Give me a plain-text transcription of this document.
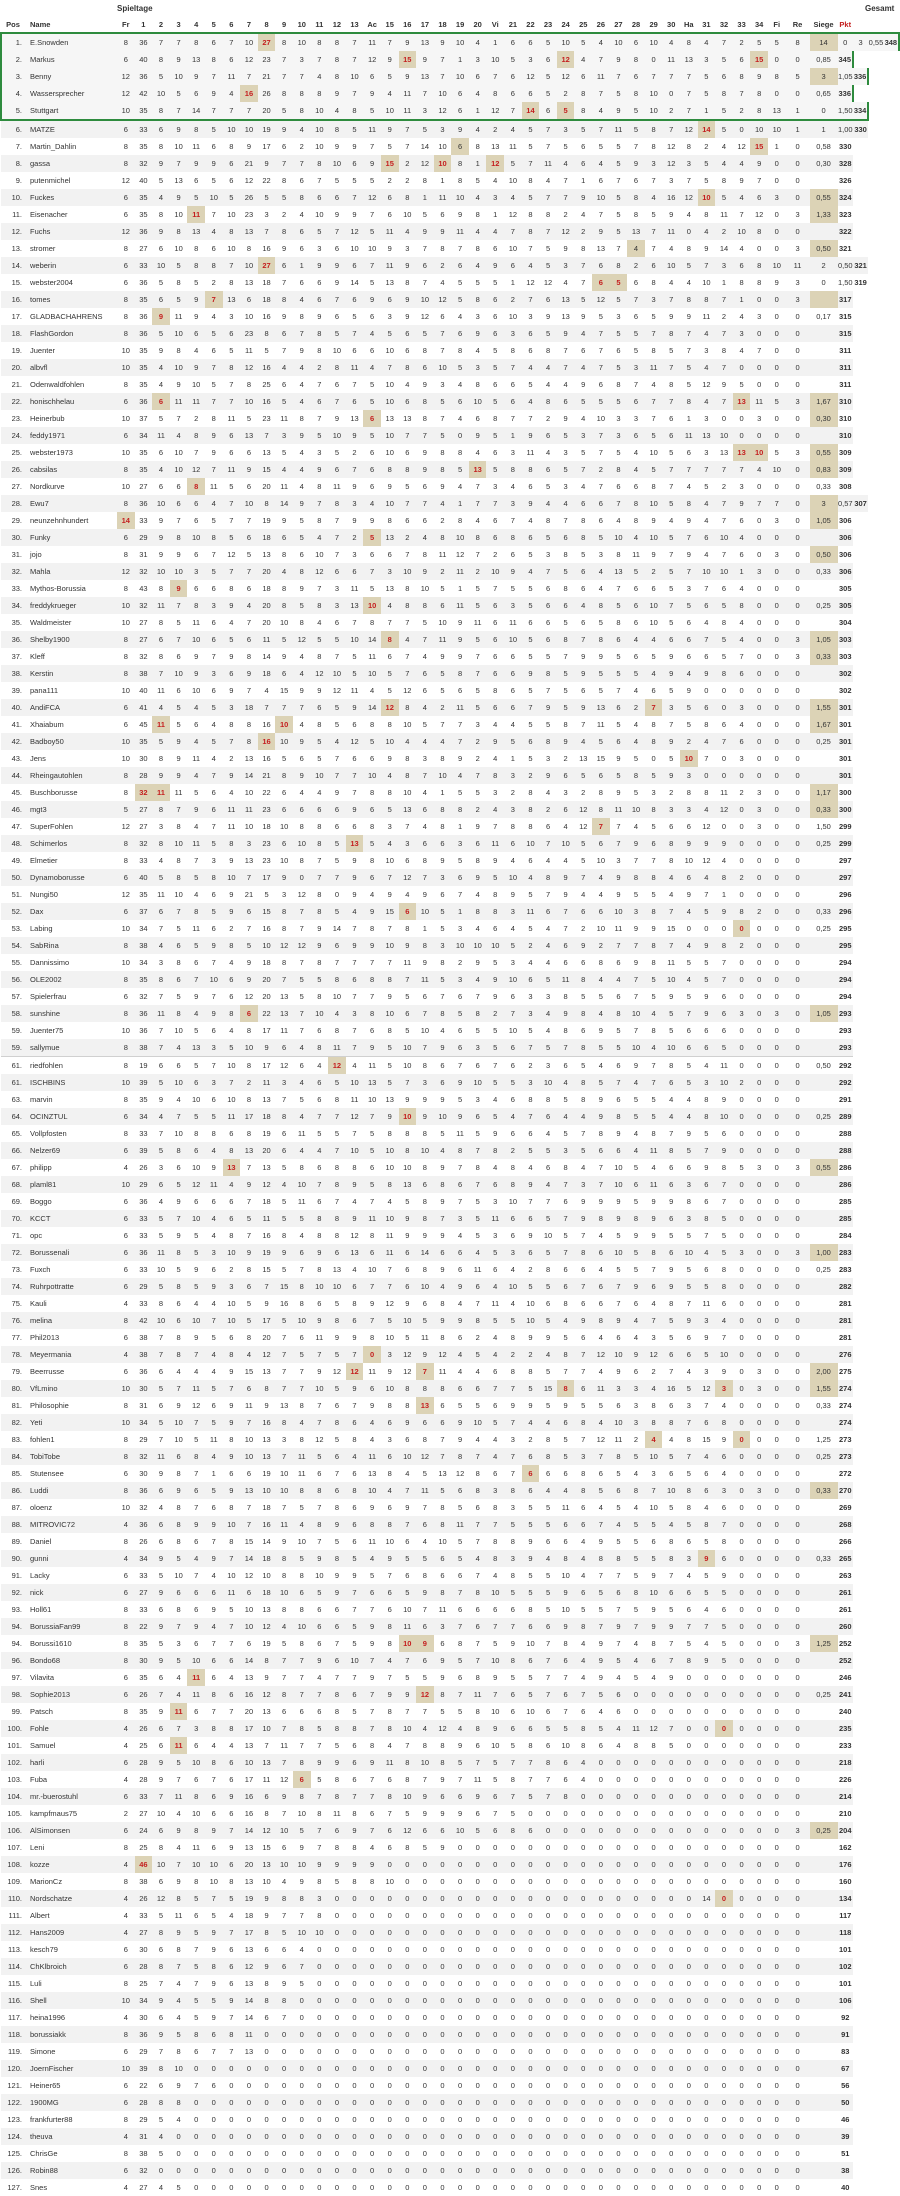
Spieltage	Gesamt
Pos	Name	Fr	1	2	3	4	5	6	7	8	9	10	11	12	13	Ac	15	16	17	18	19	20	Vi	21	22	23	24	25	26	27	28	29	30	Ha	31	32	33	34	Fi	Re	Siege	Pkt			
1.	E.Snowden	8	36	7	7	8	6	7	10	27	8	10	8	8	7	11	7	9	13	9	10	4	1	6	6	5	10	5	4	10	6	10	4	8	4	7	2	5	5	8	14	0	3	0,55	348
2.	Markus	6	40	8	9	13	8	6	12	23	7	3	7	8	7	12	9	15	9	7	1	3	10	5	3	6	12	4	7	9	8	0	11	13	3	5	6	15	0	0	0,85	345			
3.	Benny	12	36	5	10	9	7	11	7	21	7	7	4	8	10	6	5	9	13	7	10	6	7	6	12	5	12	6	11	7	6	7	7	7	5	6	8	9	8	5	3	1,05	336		
4.	Wassersprecher	12	42	10	5	6	9	4	16	26	8	8	8	9	7	9	4	11	7	10	6	4	8	6	6	5	2	8	7	5	8	10	0	7	5	8	7	8	0	0	0,65	336			
5.	Stuttgart	10	35	8	7	14	7	7	7	20	5	8	10	4	8	5	10	11	3	12	6	1	12	7	14	6	5	8	4	9	5	10	2	7	1	5	2	8	13	1	0	1,50	334		
6.	MATZE	6	33	6	9	8	5	10	10	19	9	4	10	8	5	11	9	7	5	3	9	4	2	4	5	7	3	5	7	11	5	8	7	12	14	5	0	10	10	1	1	1,00	330		
7.	Martin_Dahlin	8	35	8	10	11	6	8	9	17	6	2	10	9	9	7	5	7	14	10	6	8	13	11	5	7	5	6	5	5	7	8	12	8	2	4	12	15	1	0	0,58	330			
8.	gassa	8	32	9	7	9	9	6	21	9	7	7	8	10	6	9	15	2	12	10	8	1	12	5	7	11	4	6	4	5	9	3	12	3	5	4	4	9	0	0	0,30	328			
9.	putenmichel	12	40	5	13	6	5	6	12	22	8	6	7	5	5	5	2	2	8	1	8	5	4	10	8	4	7	1	6	7	6	7	3	7	5	8	9	7	0	0		326			
10.	Fuckes	6	35	4	9	5	10	5	26	5	5	8	6	6	7	12	6	8	1	11	10	4	3	4	5	7	7	9	10	5	8	4	16	12	10	5	4	6	3	0	0,55	324			
11.	Eisenacher	6	35	8	10	11	7	10	23	3	2	4	10	9	9	7	6	10	5	6	9	8	1	12	8	8	2	4	7	5	8	5	9	4	8	11	7	12	0	3	1,33	323			
12.	Fuchs	12	36	9	8	13	4	8	13	7	8	6	5	7	12	5	11	4	9	9	11	4	4	7	8	7	12	2	9	5	13	7	11	0	4	2	10	8	0	0		322			
13.	stromer	8	27	6	10	8	6	10	8	16	9	6	3	6	10	10	9	3	7	8	7	8	6	10	7	5	9	8	13	7	4	7	4	8	9	14	4	0	0	3	0,50	321			
14.	weberin	6	33	10	5	8	8	7	10	27	6	1	9	9	6	7	11	9	6	2	6	4	9	6	4	5	3	7	6	8	2	6	10	5	7	3	6	8	10	11	2	0,50	321		
15.	webster2004	6	36	5	8	5	2	8	13	18	7	6	6	9	14	5	13	8	7	4	5	5	5	1	12	12	4	7	6	5	6	8	4	4	10	1	8	8	9	3	0	1,50	319		
16.	tomes	8	35	6	5	9	7	13	6	18	8	4	6	7	6	9	6	9	10	12	5	8	6	2	7	6	13	5	12	5	7	3	7	8	8	7	1	0	0	3		317			
17.	GLADBACHAHRENS	8	36	9	11	9	4	3	10	16	9	8	9	6	5	6	3	9	12	6	4	3	6	10	3	9	13	9	5	3	6	5	9	9	11	2	4	3	0	0	0,17	315			
18.	FlashGordon	8	36	5	10	6	5	6	23	8	6	7	8	5	7	4	5	6	5	7	6	9	6	3	6	5	9	4	7	5	5	7	8	7	4	7	3	0	0	0		315			
19.	Juenter	10	35	9	8	4	6	5	11	5	7	9	8	10	6	6	10	6	8	7	8	4	5	8	6	8	7	6	7	6	5	8	5	7	3	8	4	7	0	0		311			
20.	albvfl	10	35	4	10	9	7	8	12	16	4	4	2	8	11	4	7	8	6	10	5	3	5	7	4	4	7	4	7	5	3	11	7	5	4	7	0	0	0	0		311			
21.	Odenwaldfohlen	8	35	4	9	10	5	7	8	25	6	4	7	6	7	5	10	4	9	3	4	8	6	6	5	4	4	9	6	8	7	4	8	5	12	9	5	0	0	0		311			
22.	honischhelau	6	36	6	11	11	7	7	10	16	5	4	6	7	6	5	10	6	8	5	6	10	5	6	4	8	6	5	5	5	6	7	7	8	4	7	13	11	5	3	1,67	310			
23.	Heinerbub	10	37	5	7	2	8	11	5	23	11	8	7	9	13	6	13	13	8	7	4	6	8	7	7	2	9	4	10	3	3	7	6	1	3	0	0	3	0	0	0,30	310			
24.	feddy1971	6	34	11	4	8	9	6	13	7	3	9	5	10	9	5	10	7	7	5	0	9	5	1	9	6	5	3	7	3	6	5	6	11	13	10	0	0	0	0		310			
25.	webster1973	10	35	6	10	7	9	6	6	13	5	4	3	5	2	6	10	6	9	8	8	4	6	3	11	4	3	5	7	5	4	10	5	6	3	13	13	10	5	3	0,55	309			
26.	cabsilas	8	35	4	10	12	7	11	9	15	4	4	9	6	7	6	8	8	9	8	5	13	5	8	8	6	5	7	2	8	4	5	7	7	7	7	7	4	10	0	0,83	309			
27.	Nordkurve	10	27	6	6	8	11	5	6	20	11	4	8	11	9	6	9	5	6	9	4	7	3	4	6	5	3	4	7	6	6	8	7	4	5	2	3	0	0	0	0,33	308			
28.	Ewu7	8	36	10	6	6	4	7	10	8	14	9	7	8	3	4	10	7	7	4	1	7	7	3	9	4	4	6	6	7	8	10	5	8	4	7	9	7	7	0	3	0,57	307		
29.	neunzehnhundert	14	33	9	7	6	5	7	7	19	9	5	8	7	9	9	8	6	6	2	8	4	6	7	4	8	7	8	6	4	8	9	4	9	4	7	6	0	3	0	1,05	306			
30.	Funky	6	29	9	8	10	8	5	6	18	6	5	4	7	2	5	13	2	4	8	10	8	6	8	6	5	6	8	5	10	4	10	5	7	6	10	4	0	0	0		306			
31.	jojo	8	31	9	9	6	7	12	5	13	8	6	10	7	3	6	6	7	8	11	12	7	2	6	5	3	8	5	3	8	11	9	7	9	4	7	6	0	3	0	0,50	306			
32.	Mahla	12	32	10	10	3	5	7	7	20	4	8	12	6	6	7	3	10	9	2	11	2	10	9	4	7	5	6	4	13	5	2	5	7	10	10	1	3	0	0	0,33	306			
33.	Mythos-Borussia	8	43	8	9	6	6	8	6	18	8	9	7	3	11	5	13	8	10	5	1	5	7	5	5	6	8	6	4	7	6	6	5	3	7	6	4	0	0	0		305			
34.	freddykrueger	10	32	11	7	8	3	9	4	20	8	5	8	3	13	10	4	8	8	6	11	5	6	3	5	6	6	4	8	5	6	10	7	5	6	5	8	0	0	0	0,25	305			
35.	Waldmeister	10	27	8	5	11	6	4	7	20	10	8	4	6	7	8	7	7	5	10	9	11	6	11	6	6	5	6	5	8	6	10	5	6	4	8	4	0	0	0		304			
36.	Shelby1900	8	27	6	7	10	6	5	6	11	5	12	5	5	10	14	8	4	7	11	9	5	6	10	5	6	8	7	8	6	4	4	6	6	7	5	4	0	0	3	1,05	303			
37.	Kleff	8	32	8	6	9	7	9	8	14	9	4	8	7	5	11	6	7	4	9	9	7	6	6	5	5	7	9	9	5	6	5	9	6	6	5	7	0	0	3	0,33	303			
38.	Kerstin	8	38	7	10	9	3	6	9	18	6	4	12	10	5	10	5	7	6	5	8	7	6	6	9	8	5	9	5	5	5	4	9	4	9	8	6	0	0	0		302			
39.	pana111	10	40	11	6	10	6	9	7	4	15	9	9	12	11	4	5	12	6	5	6	5	8	6	5	7	5	6	5	7	4	6	5	9	0	0	0	0	0	0		302			
40.	AndiFCA	6	41	4	5	4	5	3	18	7	7	7	6	5	9	14	12	8	4	2	11	5	6	6	7	9	5	9	13	6	2	7	3	5	6	0	3	0	0	0	1,55	301			
41.	Xhaiabum	6	45	11	5	6	4	8	8	16	10	4	8	5	6	8	8	10	5	7	7	3	4	4	5	5	8	7	11	5	4	8	7	5	8	6	4	0	0	0	1,67	301			
42.	Badboy50	10	35	5	9	4	5	7	8	16	10	9	5	4	12	5	10	4	4	4	7	2	9	5	6	8	9	4	5	6	4	8	9	2	4	7	6	0	0	0	0,25	301			
43.	Jens	10	30	8	9	11	4	2	13	16	5	6	5	7	6	6	9	8	3	8	9	2	4	1	5	3	2	13	15	9	5	0	5	10	7	0	3	0	0	0		301			
44.	Rheingautohlen	8	28	9	9	4	7	9	14	21	8	9	10	7	7	10	4	8	7	10	4	7	8	3	2	9	6	5	6	5	8	5	9	3	0	0	0	0	0	0		301			
45.	Buschborusse	8	32	11	11	5	6	4	10	22	6	4	4	9	7	8	8	10	4	1	5	5	3	2	8	4	3	2	8	9	5	3	2	8	8	11	2	3	0	0	1,17	300			
46.	mgt3	5	27	8	7	9	6	11	11	23	6	6	6	6	9	6	5	13	6	8	8	2	4	3	8	2	6	12	8	11	10	8	3	3	4	12	0	3	0	0	0,33	300			
47.	SuperFohlen	12	27	3	8	4	7	11	10	18	10	8	8	6	6	8	3	7	4	8	1	9	7	8	8	6	4	12	7	7	4	5	6	6	12	0	0	3	0	0	1,50	299			
48.	Schimerlos	8	32	8	10	11	5	8	3	23	6	10	8	5	13	5	4	3	6	6	3	6	11	6	10	7	10	5	6	7	9	6	8	9	9	9	0	0	0	0	0,25	299			
49.	Elmetier	8	33	4	8	7	3	9	13	23	10	8	7	5	9	8	10	6	8	9	5	8	9	4	6	4	4	5	10	3	7	7	8	10	12	4	0	0	0	0		297			
50.	Dynamoborusse	6	40	5	8	5	8	10	7	17	9	0	7	7	9	6	7	12	7	3	6	9	5	10	4	8	9	7	4	9	8	8	4	6	4	8	2	0	0	0		297			
51.	Nungi50	12	35	11	10	4	6	9	21	5	3	12	8	0	9	4	9	4	9	6	7	4	8	9	5	7	9	4	4	9	5	5	4	9	7	1	0	0	0	0		296			
52.	Dax	6	37	6	7	8	5	9	6	15	8	7	8	5	4	9	15	6	10	5	1	8	8	3	11	6	7	6	6	10	3	8	7	4	5	9	8	2	0	0	0,33	296			
53.	Labing	10	34	7	5	11	6	2	7	16	8	7	9	14	7	8	7	8	1	5	3	4	6	4	5	4	7	2	10	11	9	9	15	0	0	0	0	0	0	0	0,25	295			
54.	SabRina	8	38	4	6	5	9	8	5	10	12	12	9	6	9	9	10	9	8	3	10	10	10	5	2	4	6	9	2	7	7	8	7	4	9	8	2	0	0	0		295			
55.	Dannissimo	10	34	3	8	6	7	4	9	18	8	7	8	7	7	7	7	11	9	8	2	9	5	3	4	4	6	6	8	6	9	8	11	5	5	7	0	0	0	0		294			
56.	OLE2002	8	35	8	6	7	10	6	9	20	7	5	5	8	6	8	8	7	11	5	3	4	9	10	6	5	11	8	4	4	7	5	10	4	5	7	0	0	0	0		294			
57.	Spielerfrau	6	32	7	5	9	7	6	12	20	13	5	8	10	7	7	9	5	6	7	6	7	9	6	3	3	8	5	5	6	7	5	9	5	9	6	0	0	0	0		294			
58.	sunshine	8	36	11	8	4	9	8	6	22	13	7	10	4	3	8	10	6	7	8	5	8	2	7	3	4	9	8	4	8	10	4	5	7	9	6	3	0	3	0	1,05	293			
59.	Juenter75	10	36	7	10	5	6	4	8	17	11	7	6	8	7	6	8	5	10	4	6	5	5	10	5	4	8	6	9	5	7	8	5	6	6	6	0	0	0	0		293			
59.	sallymue	8	38	7	4	13	3	5	10	9	6	4	8	11	7	9	5	10	7	9	6	3	5	6	7	5	7	8	5	5	10	4	10	6	6	5	0	0	0	0		293			
61.	riedfohlen	8	19	6	6	5	7	10	8	17	12	6	4	12	4	11	5	10	8	6	7	6	7	6	2	3	6	5	4	6	9	7	8	5	4	11	0	0	0	0	0,50	292			
61.	ISCHBINS	10	39	5	10	6	3	7	2	11	3	4	6	5	10	13	5	7	3	6	9	10	5	5	3	10	4	8	5	7	4	7	6	5	3	10	2	0	0	0		292			
63.	marvin	8	35	9	4	10	6	10	8	13	7	5	6	8	11	10	13	9	9	9	5	3	4	6	8	8	5	8	9	6	5	5	4	4	8	9	0	0	0	0		291			
64.	OCINZTUL	6	34	4	7	5	5	11	17	18	8	4	7	7	12	7	9	10	9	10	9	6	5	4	7	6	4	4	9	8	5	5	4	4	8	10	0	0	0	0	0,25	289			
65.	Vollpfosten	8	33	7	10	8	8	6	8	19	6	11	5	5	7	5	8	8	8	5	11	5	9	6	6	4	5	7	8	9	4	8	7	9	5	6	0	0	0	0		288			
66.	Nelzer69	6	39	5	8	6	4	8	13	20	6	4	4	7	10	5	10	8	10	4	8	7	8	2	5	5	3	5	6	6	4	11	8	5	7	9	0	0	0	0		288			
67.	philipp	4	26	3	6	10	9	13	7	13	5	8	6	8	8	6	10	10	8	9	7	8	4	8	4	6	8	4	7	10	5	4	6	6	9	8	5	3	0	3	0,55	286			
68.	plaml81	10	29	6	5	12	11	4	9	12	4	10	7	8	9	5	8	13	6	8	6	7	6	8	9	4	7	3	7	10	6	11	6	3	6	7	0	0	0	0		286			
69.	Boggo	6	36	4	9	6	6	6	7	18	5	11	6	7	4	7	4	5	8	9	7	5	3	10	7	7	6	9	9	9	5	9	9	8	6	7	0	0	0	0		285			
70.	KCCT	6	33	5	7	10	4	6	5	11	5	5	8	8	9	11	10	9	8	7	3	5	11	6	6	5	7	9	8	9	8	9	6	3	8	5	0	0	0	0		285			
71.	opc	6	33	5	9	5	4	8	7	16	8	4	8	8	12	8	11	9	9	9	4	5	3	6	9	10	5	7	4	5	9	9	5	5	7	5	0	0	0	0		284			
72.	Borussenali	6	36	11	8	5	3	10	9	19	9	6	9	6	13	6	11	6	14	6	6	4	5	3	6	5	7	8	6	10	5	8	6	10	4	5	3	0	0	3	1,00	283			
73.	Fuxch	6	33	10	5	9	6	2	8	15	5	7	8	13	4	10	7	6	8	9	6	11	6	4	2	8	6	6	4	5	5	7	9	5	6	8	0	0	0	0	0,25	283			
74.	Ruhrpottratte	6	29	5	8	5	9	3	6	7	15	8	10	10	6	7	7	6	10	4	9	6	4	10	5	5	6	7	6	7	9	6	9	5	5	8	0	0	0	0		282			
75.	Kauli	4	33	8	6	4	4	10	5	9	16	8	6	5	8	9	12	9	6	8	4	7	11	4	10	6	8	6	6	7	6	4	8	7	11	6	0	0	0	0		281			
76.	melina	8	42	10	6	10	7	10	5	17	5	10	9	8	6	7	5	10	5	9	9	8	5	5	10	5	4	9	8	9	4	7	5	9	3	4	0	0	0	0		281			
77.	Phil2013	6	38	7	8	9	5	6	8	20	7	6	11	9	9	8	10	5	11	8	6	2	4	8	9	9	5	6	4	6	4	3	5	6	9	7	0	0	0	0		281			
78.	Meyermania	4	38	7	8	7	4	8	4	12	7	5	7	5	7	0	3	12	9	12	4	5	4	2	2	4	8	7	12	10	9	12	6	6	5	10	0	0	0	0		276			
79.	Beerrusse	6	36	6	4	4	4	9	15	13	7	7	9	12	12	11	9	12	7	11	4	4	6	8	8	5	7	7	4	9	6	2	7	4	3	9	0	3	0	0	2,00	275			
80.	VfLmino	10	30	5	7	11	5	7	6	8	7	7	10	5	9	6	10	8	8	8	6	6	7	7	5	15	8	6	11	3	3	4	16	5	12	3	0	3	0	0	1,55	274			
81.	Philosophie	8	31	6	9	12	6	9	11	9	13	8	7	6	7	9	8	8	13	6	5	5	6	9	9	5	9	5	5	6	3	8	6	3	7	4	0	0	0	0	0,33	274			
82.	Yeti	10	34	5	10	7	5	9	7	16	8	4	7	8	6	4	6	9	6	6	9	10	5	7	4	4	6	8	4	10	3	8	8	7	6	8	0	0	0	0		274			
83.	fohlen1	8	29	7	10	5	11	8	10	13	3	8	12	5	8	4	3	6	8	7	9	4	4	3	2	8	5	7	12	11	2	4	4	8	15	9	0	0	0	0	1,25	273			
84.	TobiTobe	8	32	11	6	8	4	9	10	13	7	11	5	6	4	11	6	10	12	7	8	7	4	7	6	8	5	3	7	8	5	10	5	7	4	6	0	0	0	0	0,25	273			
85.	Stutensee	6	30	9	8	7	1	6	6	19	10	11	6	7	6	13	8	4	5	13	12	8	6	7	6	6	6	8	6	5	4	3	6	5	6	4	0	0	0	0		272			
86.	Luddi	8	36	6	9	6	5	9	13	10	10	8	8	6	8	10	4	7	11	5	6	8	3	8	6	4	4	8	5	6	8	7	10	8	6	3	0	3	0	0	0,33	270			
87.	oloenz	10	32	4	8	7	6	8	7	18	7	5	7	8	6	9	6	9	7	8	5	6	8	3	5	5	11	6	4	5	4	10	5	8	4	6	0	0	0	0		269			
88.	MITROVIC72	4	36	6	8	9	9	10	7	16	11	4	8	9	6	8	8	7	6	8	11	7	7	5	5	5	6	6	7	4	5	5	4	5	8	7	0	0	0	0		268			
89.	Daniel	8	26	6	8	6	7	8	15	14	9	10	7	5	6	11	10	6	4	10	5	7	8	8	9	6	6	4	9	5	5	6	8	6	5	8	0	0	0	0		266			
90.	gunni	4	34	9	5	4	9	7	14	18	8	5	9	8	5	4	9	5	5	6	5	4	8	3	9	4	8	4	8	8	5	5	8	3	9	6	0	0	0	0	0,33	265			
91.	Lacky	6	33	5	10	7	4	10	12	10	8	8	10	9	9	5	7	6	8	6	6	7	4	8	5	5	10	4	7	7	5	9	7	4	5	9	0	0	0	0		263			
92.	nick	6	27	9	6	6	6	11	6	18	10	6	5	9	7	6	6	5	9	8	7	8	10	5	5	5	9	6	5	6	8	10	6	6	5	5	0	0	0	0		261			
93.	Holl61	8	33	6	8	6	9	5	10	13	8	8	6	6	7	7	6	10	7	11	6	6	6	6	8	5	10	5	5	7	5	9	5	6	4	6	0	0	0	0		261			
94.	BorussiaFan99	8	22	9	7	9	4	7	10	12	4	10	6	6	5	9	8	11	6	3	7	6	7	7	6	6	9	8	7	9	7	9	9	7	7	5	0	0	0	0		260			
94.	Borussi1610	8	35	5	3	6	7	7	6	19	5	8	6	7	5	9	8	10	9	6	8	7	5	9	10	7	8	4	9	7	4	8	7	5	4	5	0	0	0	3	1,25	252			
96.	Bondo68	8	30	9	5	10	6	6	14	8	7	7	9	6	10	7	4	7	6	9	5	7	10	8	6	7	6	4	9	5	4	6	7	8	9	5	0	0	0	0		252			
97.	Vilavita	6	35	6	4	11	6	4	13	9	7	7	4	7	7	9	7	5	5	9	6	8	9	5	5	7	7	4	9	4	5	4	9	0	0	0	0	0	0	0		246			
98.	Sophie2013	6	26	7	4	11	8	6	16	12	8	7	7	8	6	7	9	9	12	8	7	11	7	6	5	7	6	7	5	6	0	0	0	0	0	0	0	0	0	0	0,25	241			
99.	Patsch	8	35	9	11	6	7	7	20	13	6	6	6	8	5	7	8	7	7	5	5	8	10	6	10	6	7	6	4	6	0	0	0	0	0	0	0	0	0	0		240			
100.	Fohle	4	26	6	7	3	8	8	17	10	7	8	5	8	8	7	8	10	4	12	4	8	9	6	6	5	5	8	5	4	11	12	7	0	0	0	0	0	0	0		235			
101.	Samuel	4	25	6	11	6	4	4	13	7	11	7	7	5	6	8	4	7	8	8	9	6	10	5	8	6	10	8	6	4	8	8	5	0	0	0	0	0	0	0		233			
102.	harli	6	28	9	5	10	8	6	10	13	7	8	9	9	6	9	11	8	10	8	5	7	5	7	7	8	6	4	0	0	0	0	0	0	0	0	0	0	0	0		218			
103.	Fuba	4	28	9	7	6	7	6	17	11	12	6	5	8	6	7	6	8	7	9	7	11	5	8	7	7	6	4	0	0	0	0	0	0	0	0	0	0	0	0		226			
104.	mr.-buerostuhl	6	33	7	11	8	6	9	16	6	9	8	7	8	7	7	8	10	9	6	6	9	6	7	5	7	8	0	0	0	0	0	0	0	0	0	0	0	0	0		214			
105.	kampfmaus75	2	27	10	4	10	6	6	16	8	7	10	8	11	8	6	7	5	9	9	9	6	7	5	0	0	0	0	0	0	0	0	0	0	0	0	0	0	0	0		210			
106.	AlSimonsen	6	24	6	9	8	9	7	14	12	10	5	7	6	9	7	6	12	6	6	10	5	6	8	6	0	0	0	0	0	0	0	0	0	0	0	0	0	0	3	0,25	204			
107.	Leni	8	25	8	4	11	6	9	13	15	6	9	7	8	8	4	6	8	5	9	0	0	0	0	0	0	0	0	0	0	0	0	0	0	0	0	0	0	0	0		162			
108.	kozze	4	46	10	7	10	10	6	20	13	10	10	9	9	9	9	0	0	0	0	0	0	0	0	0	0	0	0	0	0	0	0	0	0	0	0	0	0	0	0		176			
109.	MarionCz	8	38	6	9	8	10	8	13	10	4	9	8	5	8	8	10	0	0	0	0	0	0	0	0	0	0	0	0	0	0	0	0	0	0	0	0	0	0	0		160			
110.	Nordschatze	4	26	12	8	5	7	5	19	9	8	8	3	0	0	0	0	0	0	0	0	0	0	0	0	0	0	0	0	0	0	0	0	0	14	0	0	0	0	0		134			
111.	Albert	4	33	5	11	6	5	4	18	9	7	7	8	0	0	0	0	0	0	0	0	0	0	0	0	0	0	0	0	0	0	0	0	0	0	0	0	0	0	0		117			
112.	Hans2009	4	27	8	9	5	9	7	17	8	5	10	10	0	0	0	0	0	0	0	0	0	0	0	0	0	0	0	0	0	0	0	0	0	0	0	0	0	0	0		118			
113.	kesch79	6	30	6	8	7	9	6	13	6	6	4	0	0	0	0	0	0	0	0	0	0	0	0	0	0	0	0	0	0	0	0	0	0	0	0	0	0	0	0		101			
114.	ChKlbroich	6	28	8	7	5	8	6	12	9	6	7	0	0	0	0	0	0	0	0	0	0	0	0	0	0	0	0	0	0	0	0	0	0	0	0	0	0	0	0		102			
115.	Luli	8	25	7	4	7	9	6	13	8	9	5	0	0	0	0	0	0	0	0	0	0	0	0	0	0	0	0	0	0	0	0	0	0	0	0	0	0	0	0		101			
116.	Shell	10	34	9	4	5	5	9	14	8	8	0	0	0	0	0	0	0	0	0	0	0	0	0	0	0	0	0	0	0	0	0	0	0	0	0	0	0	0	0		106			
117.	heina1996	4	30	6	4	5	9	7	14	6	7	0	0	0	0	0	0	0	0	0	0	0	0	0	0	0	0	0	0	0	0	0	0	0	0	0	0	0	0	0		92			
118.	borussiakk	8	36	9	5	8	6	8	11	0	0	0	0	0	0	0	0	0	0	0	0	0	0	0	0	0	0	0	0	0	0	0	0	0	0	0	0	0	0	0		91			
119.	Simone	6	29	7	8	6	7	7	13	0	0	0	0	0	0	0	0	0	0	0	0	0	0	0	0	0	0	0	0	0	0	0	0	0	0	0	0	0	0	0		83			
120.	JoernFischer	10	39	8	10	0	0	0	0	0	0	0	0	0	0	0	0	0	0	0	0	0	0	0	0	0	0	0	0	0	0	0	0	0	0	0	0	0	0	0		67			
121.	Heiner65	6	22	6	9	7	6	0	0	0	0	0	0	0	0	0	0	0	0	0	0	0	0	0	0	0	0	0	0	0	0	0	0	0	0	0	0	0	0	0		56			
122.	1900MG	6	28	8	8	0	0	0	0	0	0	0	0	0	0	0	0	0	0	0	0	0	0	0	0	0	0	0	0	0	0	0	0	0	0	0	0	0	0	0		50			
123.	frankfurter88	8	29	5	4	0	0	0	0	0	0	0	0	0	0	0	0	0	0	0	0	0	0	0	0	0	0	0	0	0	0	0	0	0	0	0	0	0	0	0		46			
124.	theuva	4	31	4	0	0	0	0	0	0	0	0	0	0	0	0	0	0	0	0	0	0	0	0	0	0	0	0	0	0	0	0	0	0	0	0	0	0	0	0		39			
125.	ChrisGe	8	38	5	0	0	0	0	0	0	0	0	0	0	0	0	0	0	0	0	0	0	0	0	0	0	0	0	0	0	0	0	0	0	0	0	0	0	0	0		51			
126.	Robin88	6	32	0	0	0	0	0	0	0	0	0	0	0	0	0	0	0	0	0	0	0	0	0	0	0	0	0	0	0	0	0	0	0	0	0	0	0	0	0		38			
127.	Snes	4	27	4	5	0	0	0	0	0	0	0	0	0	0	0	0	0	0	0	0	0	0	0	0	0	0	0	0	0	0	0	0	0	0	0	0	0	0	0		40			
